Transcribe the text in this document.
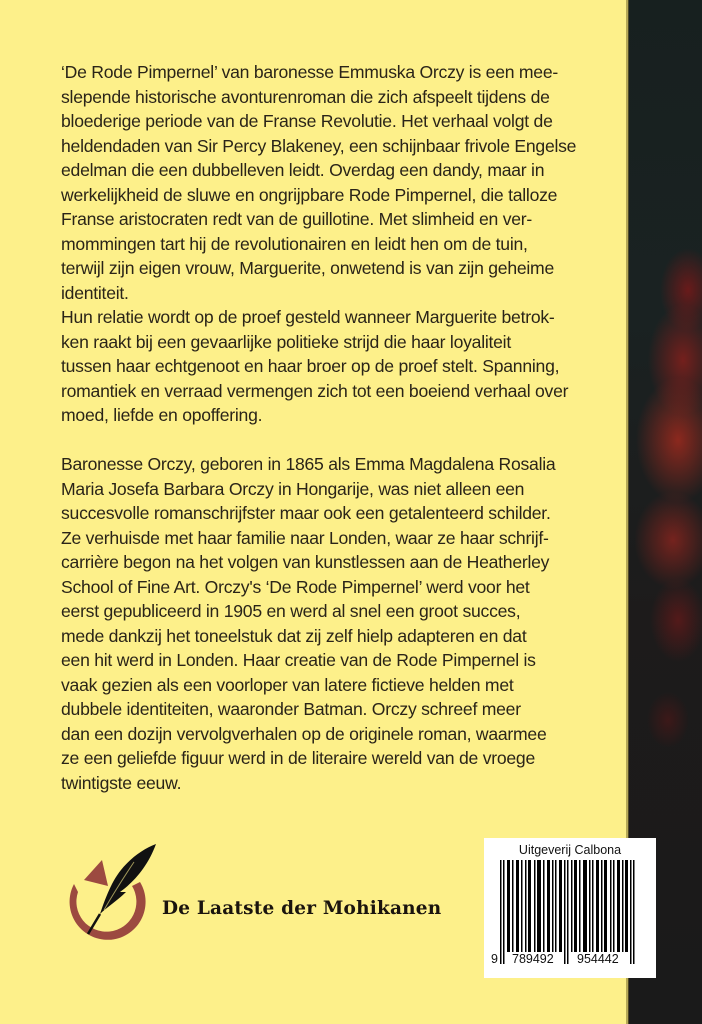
‘De Rode Pimpernel’ van baronesse Emmuska Orczy is een mee-
slepende historische avonturenroman die zich afspeelt tijdens de
bloederige periode van de Franse Revolutie. Het verhaal volgt de
heldendaden van Sir Percy Blakeney, een schijnbaar frivole Engelse
edelman die een dubbelleven leidt. Overdag een dandy, maar in
werkelijkheid de sluwe en ongrijpbare Rode Pimpernel, die talloze
Franse aristocraten redt van de guillotine. Met slimheid en ver-
mommingen tart hij de revolutionairen en leidt hen om de tuin,
terwijl zijn eigen vrouw, Marguerite, onwetend is van zijn geheime
identiteit.

Hun relatie wordt op de proef gesteld wanneer Marguerite betrok-
ken raakt bij een gevaarlijke politieke strijd die haar loyaliteit
tussen haar echtgenoot en haar broer op de proef stelt. Spanning,
romantiek en verraad vermengen zich tot een boeiend verhaal over
moed, liefde en opoffering.

Baronesse Orczy, geboren in 1865 als Emma Magdalena Rosalia
Maria Josefa Barbara Orczy in Hongarije, was niet alleen een
succesvolle romanschrijfster maar ook een getalenteerd schilder.
Ze verhuisde met haar familie naar Londen, waar ze haar schrijf-
carrière begon na het volgen van kunstlessen aan de Heatherley
School of Fine Art. Orczy's ‘De Rode Pimpernel’ werd voor het
eerst gepubliceerd in 1905 en werd al snel een groot succes,
mede dankzij het toneelstuk dat zij zelf hielp adapteren en dat
een hit werd in Londen. Haar creatie van de Rode Pimpernel is
vaak gezien als een voorloper van latere fictieve helden met
dubbele identiteiten, waaronder Batman. Orczy schreef meer
dan een dozijn vervolgverhalen op de originele roman, waarmee
ze een geliefde figuur werd in de literaire wereld van de vroege
twintigste eeuw.

De Laatste der Mohikanen
Uitgeverij Calbona
9 789492 954442
